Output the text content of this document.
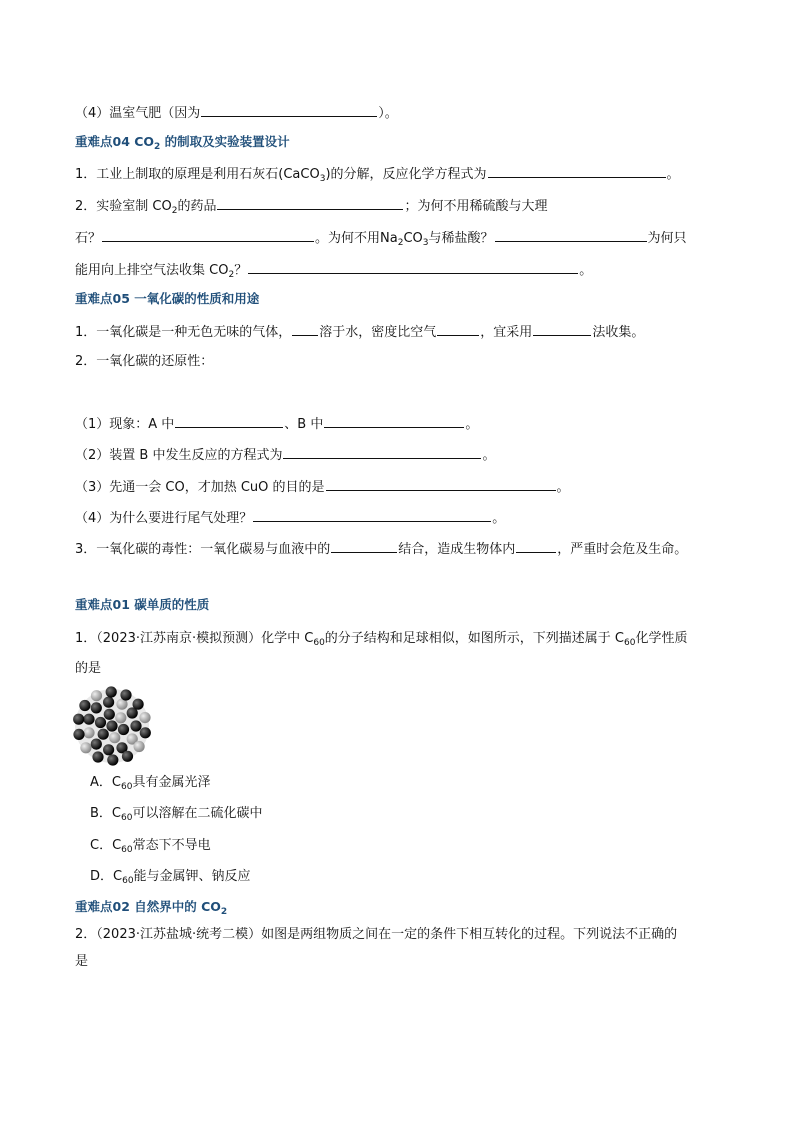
（4）温室气肥（因为	）。
重难点04 $CO_2$ 的制取及实验装置设计
1．工业上制取的原理是利用石灰石(CaCO$_3$)的分解，反应化学方程式为	。
2．实验室制 $CO_2$的药品	；为何不用稀硫酸与大理
石？	。为何不用$Na_2CO_3$与稀盐酸？	为何只
能用向上排空气法收集 $CO_2$？	。
重难点05 一氧化碳的性质和用途
1．一氧化碳是一种无色无味的气体， 溶于水，密度比空气	，宜采用	法收集。
2．一氧化碳的还原性：
（1）现象：A 中	、B 中	。
（2）装置 B 中发生反应的方程式为	。
（3）先通一会 CO，才加热 CuO 的目的是	。
（4）为什么要进行尾气处理？	。
3．一氧化碳的毒性：一氧化碳易与血液中的	结合，造成生物体内	，严重时会危及生命。
重难点01 碳单质的性质
1．（2023·江苏南京·模拟预测）化学中 $C_{60}$的分子结构和足球相似，如图所示，下列描述属于 $C_{60}$化学性质
的是
A．$C_{60}$具有金属光泽
B．$C_{60}$可以溶解在二硫化碳中
C．$C_{60}$常态下不导电
D．$C_{60}$能与金属钾、钠反应
重难点02 自然界中的 $CO_2$
2．（2023·江苏盐城·统考二模）如图是两组物质之间在一定的条件下相互转化的过程。下列说法不正确的
是
